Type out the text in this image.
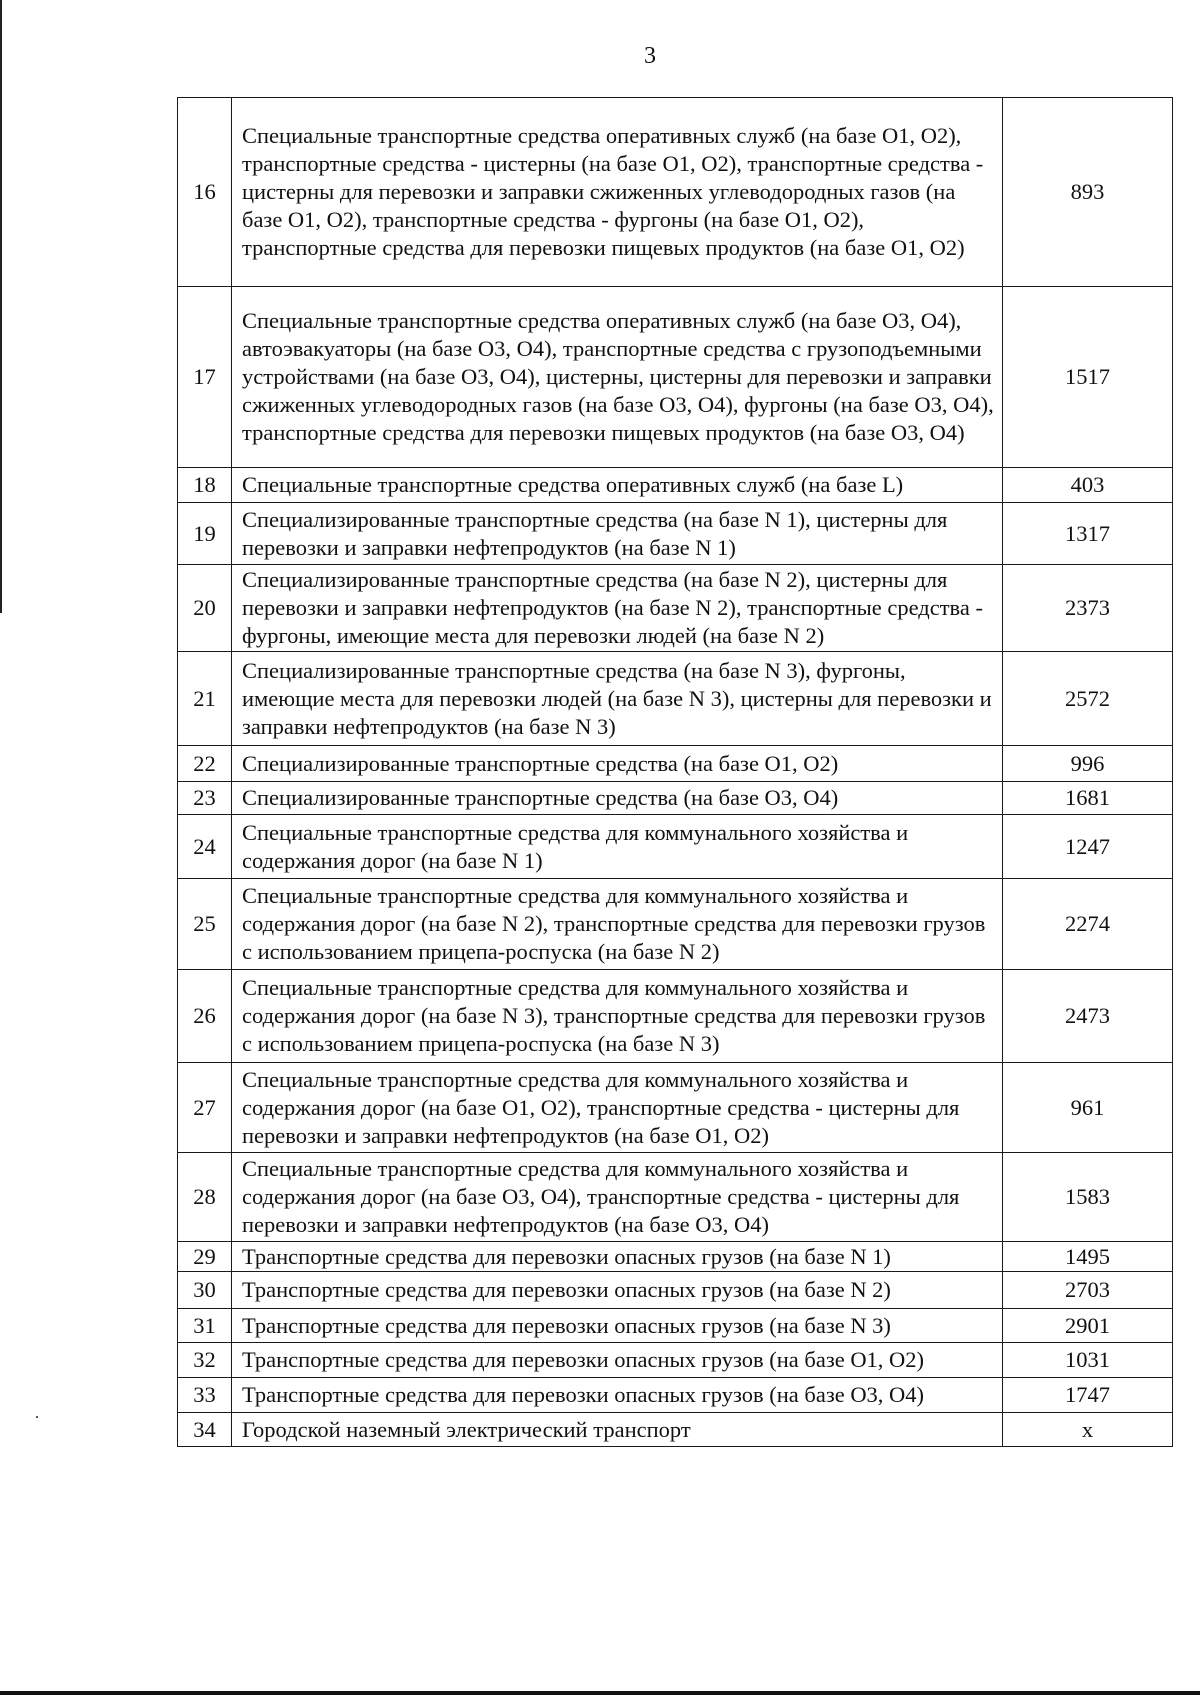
3
16	Специальные транспортные средства оперативных служб (на базе O1, O2), транспортные средства - цистерны (на базе O1, O2), транспортные средства - цистерны для перевозки и заправки сжиженных углеводородных газов (на базе O1, O2), транспортные средства - фургоны (на базе O1, O2), транспортные средства для перевозки пищевых продуктов (на базе O1, O2)	893
17	Специальные транспортные средства оперативных служб (на базе O3, O4), автоэвакуаторы (на базе O3, O4), транспортные средства с грузоподъемными устройствами (на базе O3, O4), цистерны, цистерны для перевозки и заправки сжиженных углеводородных газов (на базе O3, O4), фургоны (на базе O3, O4), транспортные средства для перевозки пищевых продуктов (на базе O3, O4)	1517
18	Специальные транспортные средства оперативных служб (на базе L)	403
19	Специализированные транспортные средства (на базе N 1), цистерны для перевозки и заправки нефтепродуктов (на базе N 1)	1317
20	Специализированные транспортные средства (на базе N 2), цистерны для перевозки и заправки нефтепродуктов (на базе N 2), транспортные средства - фургоны, имеющие места для перевозки людей (на базе N 2)	2373
21	Специализированные транспортные средства (на базе N 3), фургоны, имеющие места для перевозки людей (на базе N 3), цистерны для перевозки и заправки нефтепродуктов (на базе N 3)	2572
22	Специализированные транспортные средства (на базе O1, O2)	996
23	Специализированные транспортные средства (на базе O3, O4)	1681
24	Специальные транспортные средства для коммунального хозяйства и содержания дорог (на базе N 1)	1247
25	Специальные транспортные средства для коммунального хозяйства и содержания дорог (на базе N 2), транспортные средства для перевозки грузов с использованием прицепа-роспуска (на базе N 2)	2274
26	Специальные транспортные средства для коммунального хозяйства и содержания дорог (на базе N 3), транспортные средства для перевозки грузов с использованием прицепа-роспуска (на базе N 3)	2473
27	Специальные транспортные средства для коммунального хозяйства и содержания дорог (на базе O1, O2), транспортные средства - цистерны для перевозки и заправки нефтепродуктов (на базе O1, O2)	961
28	Специальные транспортные средства для коммунального хозяйства и содержания дорог (на базе O3, O4), транспортные средства - цистерны для перевозки и заправки нефтепродуктов (на базе O3, O4)	1583
29	Транспортные средства для перевозки опасных грузов (на базе N 1)	1495
30	Транспортные средства для перевозки опасных грузов (на базе N 2)	2703
31	Транспортные средства для перевозки опасных грузов (на базе N 3)	2901
32	Транспортные средства для перевозки опасных грузов (на базе O1, O2)	1031
33	Транспортные средства для перевозки опасных грузов (на базе O3, O4)	1747
34	Городской наземный электрический транспорт	x
